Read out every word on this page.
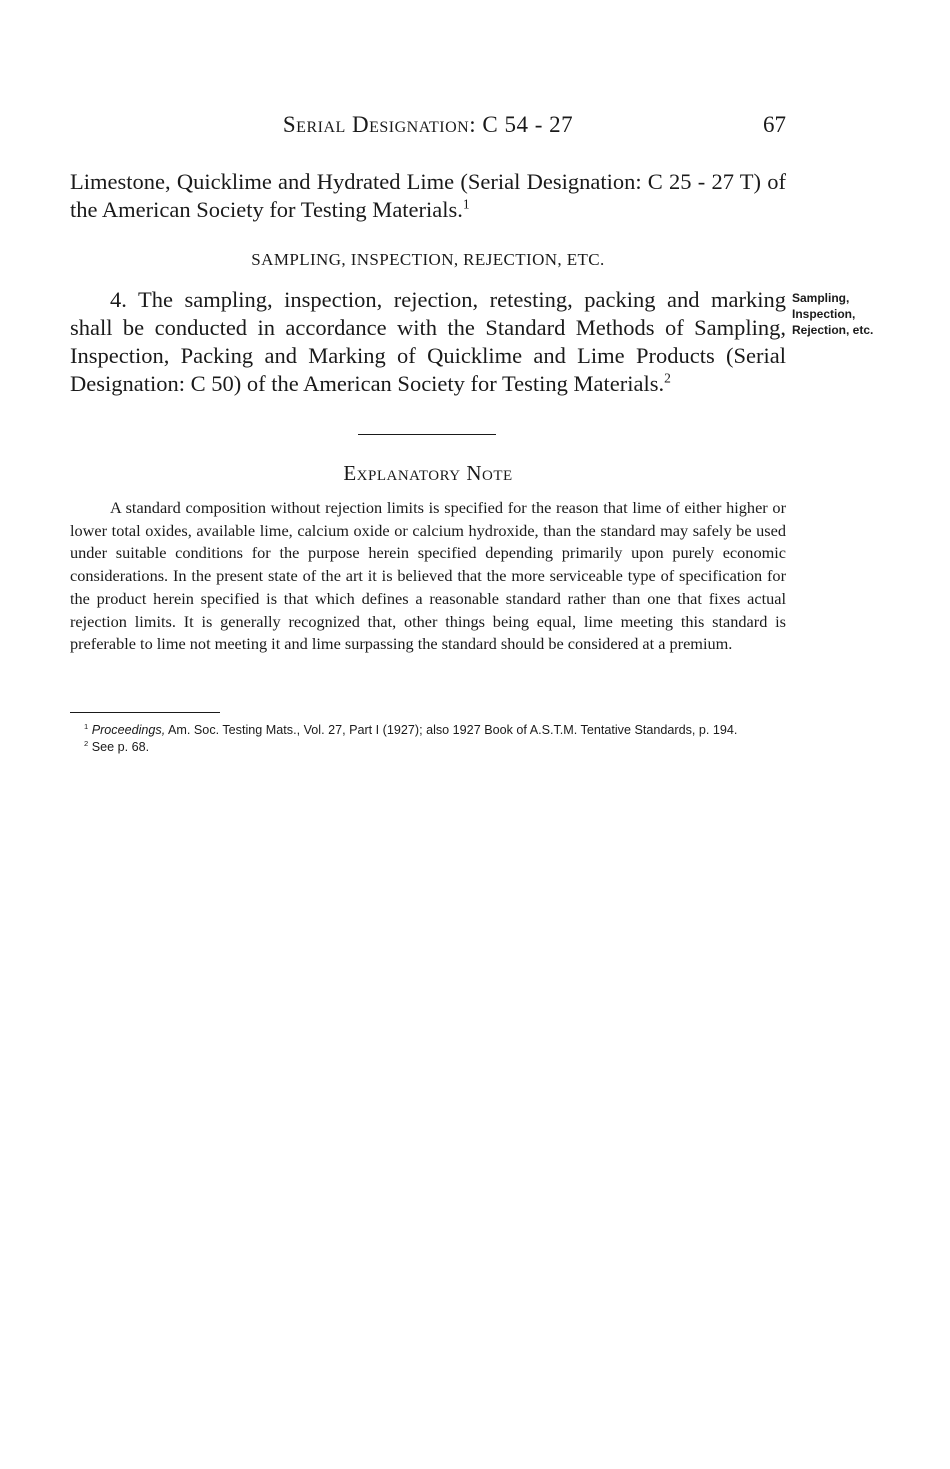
Serial Designation: C 54 - 27	67
Limestone, Quicklime and Hydrated Lime (Serial Designation: C 25 - 27 T) of the American Society for Testing Materials.$^1$
SAMPLING, INSPECTION, REJECTION, ETC.
4. The sampling, inspection, rejection, retesting, packing and marking shall be conducted in accordance with the Standard Methods of Sampling, Inspection, Packing and Marking of Quicklime and Lime Products (Serial Designation: C 50) of the American Society for Testing Materials.$^2$
Sampling, Inspection, Rejection, etc.
Explanatory Note
A standard composition without rejection limits is specified for the reason that lime of either higher or lower total oxides, available lime, calcium oxide or calcium hydroxide, than the standard may safely be used under suitable conditions for the purpose herein specified depending primarily upon purely economic considerations. In the present state of the art it is believed that the more serviceable type of specification for the product herein specified is that which defines a reasonable standard rather than one that fixes actual rejection limits. It is generally recognized that, other things being equal, lime meeting this standard is preferable to lime not meeting it and lime surpassing the standard should be considered at a premium.
$^1$ Proceedings, Am. Soc. Testing Mats., Vol. 27, Part I (1927); also 1927 Book of A.S.T.M. Tentative Standards, p. 194.
$^2$ See p. 68.
